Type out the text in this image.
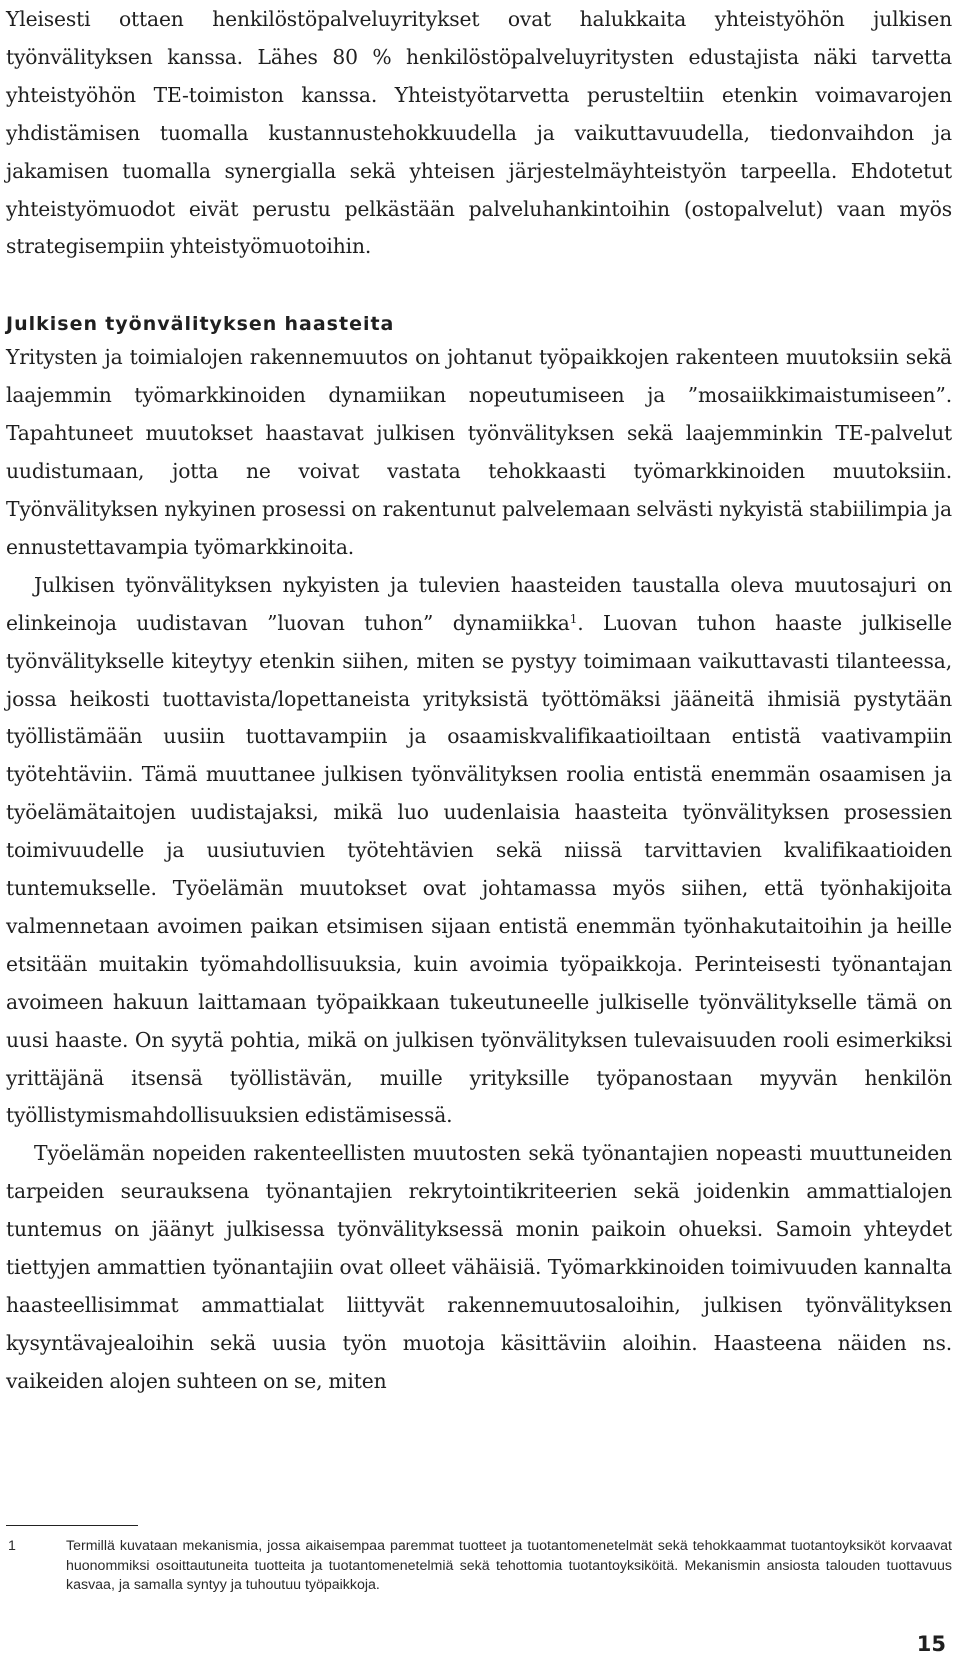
Yleisesti ottaen henkilöstöpalveluyritykset ovat halukkaita yhteistyöhön julkisen työnvälityksen kanssa. Lähes 80 % henkilöstöpalveluyritysten edustajista näki tarvetta yhteistyöhön TE-toimiston kanssa. Yhteistyötarvetta perusteltiin etenkin voimavarojen yhdistämisen tuomalla kustannustehokkuudella ja vaikuttavuudella, tiedonvaihdon ja jakamisen tuomalla synergialla sekä yhteisen järjestelmäyhteistyön tarpeella. Ehdotetut yhteistyömuodot eivät perustu pelkästään palveluhankintoihin (ostopalvelut) vaan myös strategisempiin yhteistyömuotoihin.

Julkisen työnvälityksen haasteita

Yritysten ja toimialojen rakennemuutos on johtanut työpaikkojen rakenteen muutoksiin sekä laajemmin työmarkkinoiden dynamiikan nopeutumiseen ja ”mosaiikkimaistumiseen”. Tapahtuneet muutokset haastavat julkisen työnvälityksen sekä laajemminkin TE-palvelut uudistumaan, jotta ne voivat vastata tehokkaasti työmarkkinoiden muutoksiin. Työnvälityksen nykyinen prosessi on rakentunut palvelemaan selvästi nykyistä stabiilimpia ja ennustettavampia työmarkkinoita.

Julkisen työnvälityksen nykyisten ja tulevien haasteiden taustalla oleva muutosajuri on elinkeinoja uudistavan ”luovan tuhon” dynamiikka$^1$. Luovan tuhon haaste julkiselle työnvälitykselle kiteytyy etenkin siihen, miten se pystyy toimimaan vaikuttavasti tilanteessa, jossa heikosti tuottavista/lopettaneista yrityksistä työttömäksi jääneitä ihmisiä pystytään työllistämään uusiin tuottavampiin ja osaamiskvalifikaatioiltaan entistä vaativampiin työtehtäviin. Tämä muuttanee julkisen työnvälityksen roolia entistä enemmän osaamisen ja työelämätaitojen uudistajaksi, mikä luo uudenlaisia haasteita työnvälityksen prosessien toimivuudelle ja uusiutuvien työtehtävien sekä niissä tarvittavien kvalifikaatioiden tuntemukselle. Työelämän muutokset ovat johtamassa myös siihen, että työnhakijoita valmennetaan avoimen paikan etsimisen sijaan entistä enemmän työnhakutaitoihin ja heille etsitään muitakin työmahdollisuuksia, kuin avoimia työpaikkoja. Perinteisesti työnantajan avoimeen hakuun laittamaan työpaikkaan tukeutuneelle julkiselle työnvälitykselle tämä on uusi haaste. On syytä pohtia, mikä on julkisen työnvälityksen tulevaisuuden rooli esimerkiksi yrittäjänä itsensä työllistävän, muille yrityksille työpanostaan myyvän henkilön työllistymismahdollisuuksien edistämisessä.

Työelämän nopeiden rakenteellisten muutosten sekä työnantajien nopeasti muuttuneiden tarpeiden seurauksena työnantajien rekrytointikriteerien sekä joidenkin ammattialojen tuntemus on jäänyt julkisessa työnvälityksessä monin paikoin ohueksi. Samoin yhteydet tiettyjen ammattien työnantajiin ovat olleet vähäisiä. Työmarkkinoiden toimivuuden kannalta haasteellisimmat ammattialat liittyvät rakennemuutosaloihin, julkisen työnvälityksen kysyntävajealoihin sekä uusia työn muotoja käsittäviin aloihin. Haasteena näiden ns. vaikeiden alojen suhteen on se, miten

1	Termillä kuvataan mekanismia, jossa aikaisempaa paremmat tuotteet ja tuotantomenetelmät sekä tehokkaammat tuotantoyksiköt korvaavat huonommiksi osoittautuneita tuotteita ja tuotantomenetelmiä sekä tehottomia tuotantoyksiköitä. Mekanismin ansiosta talouden tuottavuus kasvaa, ja samalla syntyy ja tuhoutuu työpaikkoja.
15
